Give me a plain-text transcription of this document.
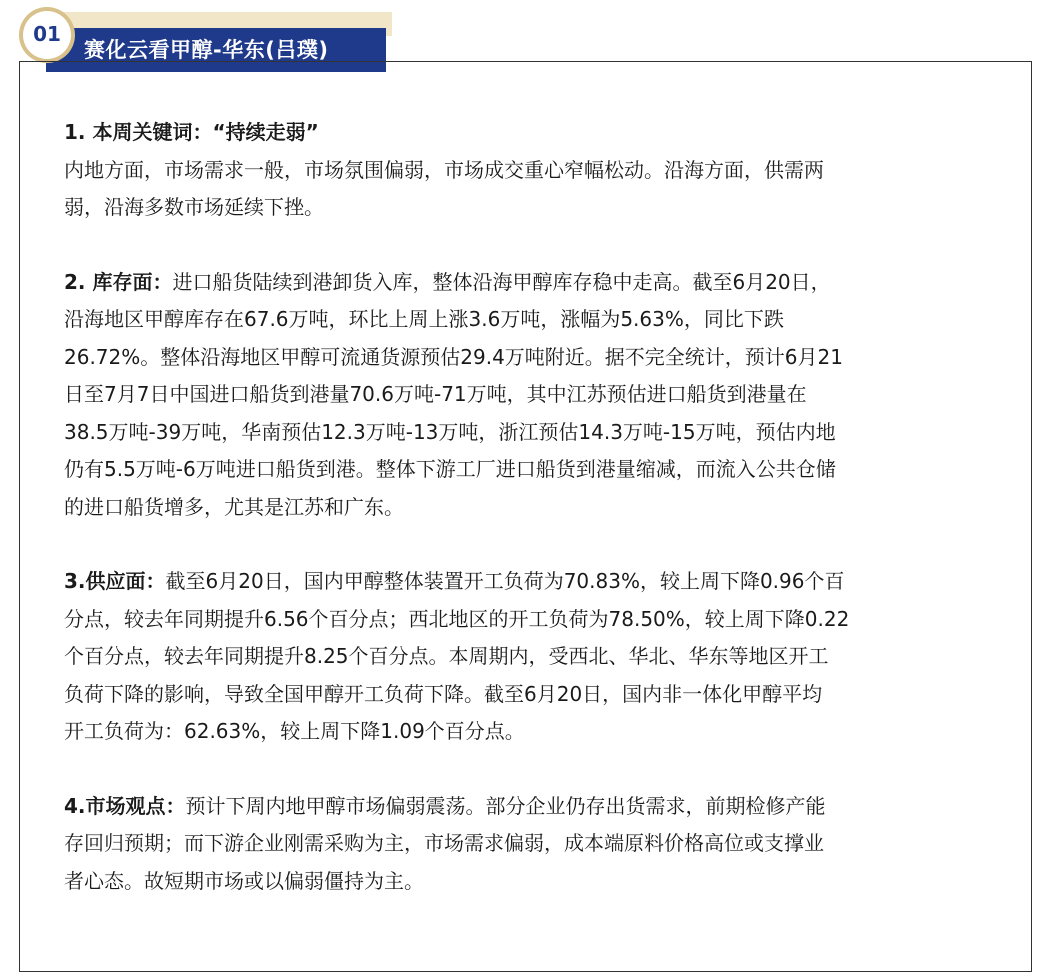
赛化云看甲醇-华东(吕璞)
01

1. 本周关键词：“持续走弱”
内地方面，市场需求一般，市场氛围偏弱，市场成交重心窄幅松动。沿海方面，供需两
弱，沿海多数市场延续下挫。

2. 库存面：进口船货陆续到港卸货入库，整体沿海甲醇库存稳中走高。截至6月20日，
沿海地区甲醇库存在67.6万吨，环比上周上涨3.6万吨，涨幅为5.63%，同比下跌
26.72%。整体沿海地区甲醇可流通货源预估29.4万吨附近。据不完全统计，预计6月21
日至7月7日中国进口船货到港量70.6万吨-71万吨，其中江苏预估进口船货到港量在
38.5万吨-39万吨，华南预估12.3万吨-13万吨，浙江预估14.3万吨-15万吨，预估内地
仍有5.5万吨-6万吨进口船货到港。整体下游工厂进口船货到港量缩减，而流入公共仓储
的进口船货增多，尤其是江苏和广东。

3.供应面：截至6月20日，国内甲醇整体装置开工负荷为70.83%，较上周下降0.96个百
分点，较去年同期提升6.56个百分点；西北地区的开工负荷为78.50%，较上周下降0.22
个百分点，较去年同期提升8.25个百分点。本周期内，受西北、华北、华东等地区开工
负荷下降的影响，导致全国甲醇开工负荷下降。截至6月20日，国内非一体化甲醇平均
开工负荷为：62.63%，较上周下降1.09个百分点。

4.市场观点：预计下周内地甲醇市场偏弱震荡。部分企业仍存出货需求，前期检修产能
存回归预期；而下游企业刚需采购为主，市场需求偏弱，成本端原料价格高位或支撑业
者心态。故短期市场或以偏弱僵持为主。
